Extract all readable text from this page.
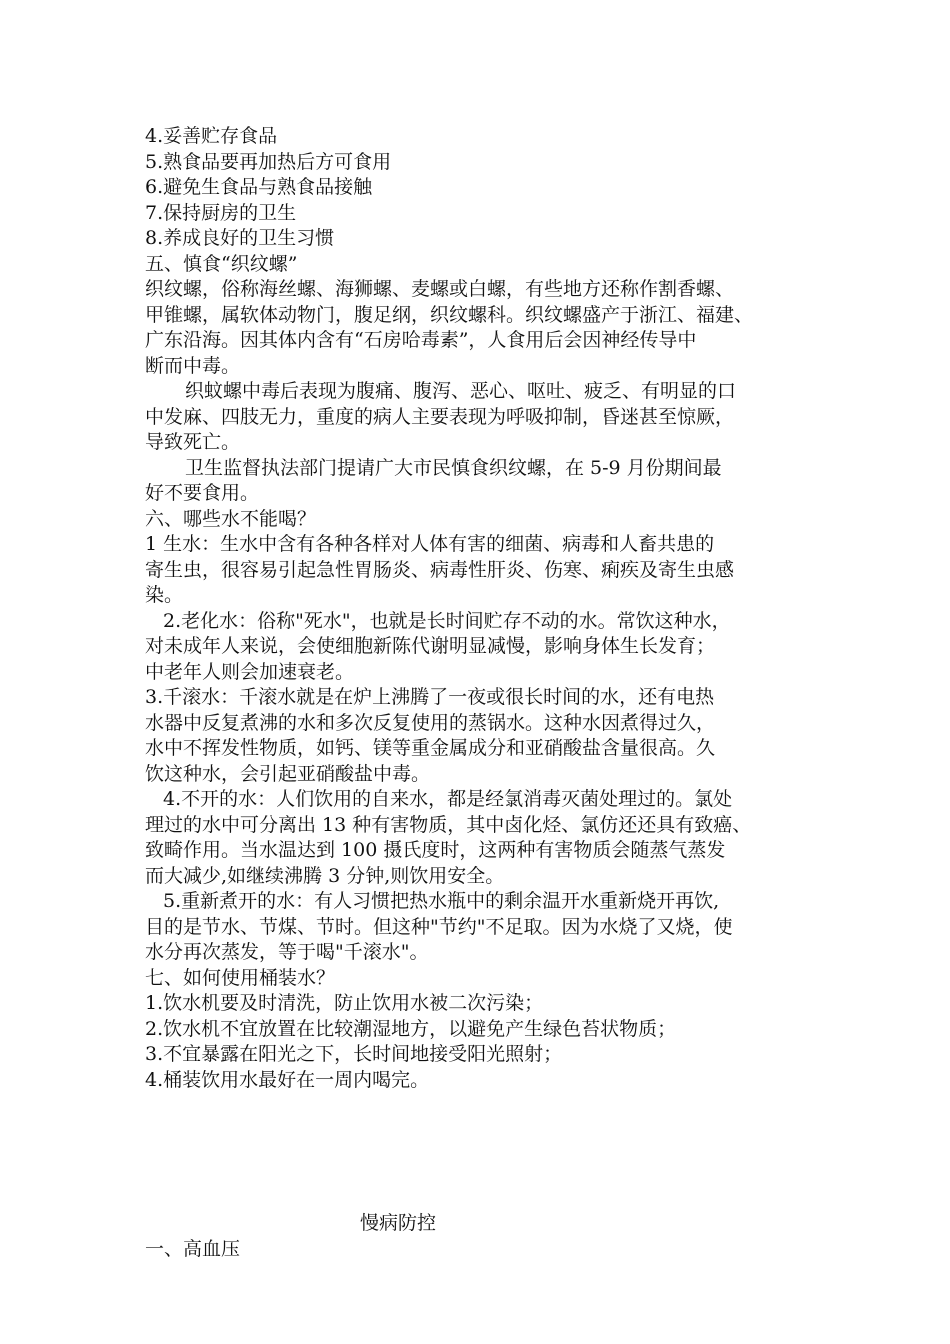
4.妥善贮存食品

5.熟食品要再加热后方可食用

6.避免生食品与熟食品接触

7.保持厨房的卫生

8.养成良好的卫生习惯

五、慎食“织纹螺”

织纹螺，俗称海丝螺、海狮螺、麦螺或白螺，有些地方还称作割香螺、

甲锥螺，属软体动物门，腹足纲，织纹螺科。织纹螺盛产于浙江、福建、

广东沿海。因其体内含有“石房哈毒素”，人食用后会因神经传导中

断而中毒。

织蚊螺中毒后表现为腹痛、腹泻、恶心、呕吐、疲乏、有明显的口

中发麻、四肢无力，重度的病人主要表现为呼吸抑制，昏迷甚至惊厥，

导致死亡。

卫生监督执法部门提请广大市民慎食织纹螺，在 5-9 月份期间最

好不要食用。

六、哪些水不能喝？

1 生水：生水中含有各种各样对人体有害的细菌、病毒和人畜共患的

寄生虫，很容易引起急性胃肠炎、病毒性肝炎、伤寒、痢疾及寄生虫感

染。

2.老化水：俗称"死水"，也就是长时间贮存不动的水。常饮这种水，

对未成年人来说，会使细胞新陈代谢明显减慢，影响身体生长发育；

中老年人则会加速衰老。

3.千滚水：千滚水就是在炉上沸腾了一夜或很长时间的水，还有电热

水器中反复煮沸的水和多次反复使用的蒸锅水。这种水因煮得过久，

水中不挥发性物质，如钙、镁等重金属成分和亚硝酸盐含量很高。久

饮这种水，会引起亚硝酸盐中毒。

4.不开的水：人们饮用的自来水，都是经氯消毒灭菌处理过的。氯处

理过的水中可分离出 13 种有害物质，其中卤化烃、氯仿还还具有致癌、

致畸作用。当水温达到 100 摄氏度时，这两种有害物质会随蒸气蒸发

而大减少,如继续沸腾 3 分钟,则饮用安全。

5.重新煮开的水：有人习惯把热水瓶中的剩余温开水重新烧开再饮,

目的是节水、节煤、节时。但这种"节约"不足取。因为水烧了又烧，使

水分再次蒸发，等于喝"千滚水"。

七、如何使用桶装水？

1.饮水机要及时清洗，防止饮用水被二次污染；

2.饮水机不宜放置在比较潮湿地方，以避免产生绿色苔状物质；

3.不宜暴露在阳光之下，长时间地接受阳光照射；

4.桶装饮用水最好在一周内喝完。

慢病防控
一、高血压
